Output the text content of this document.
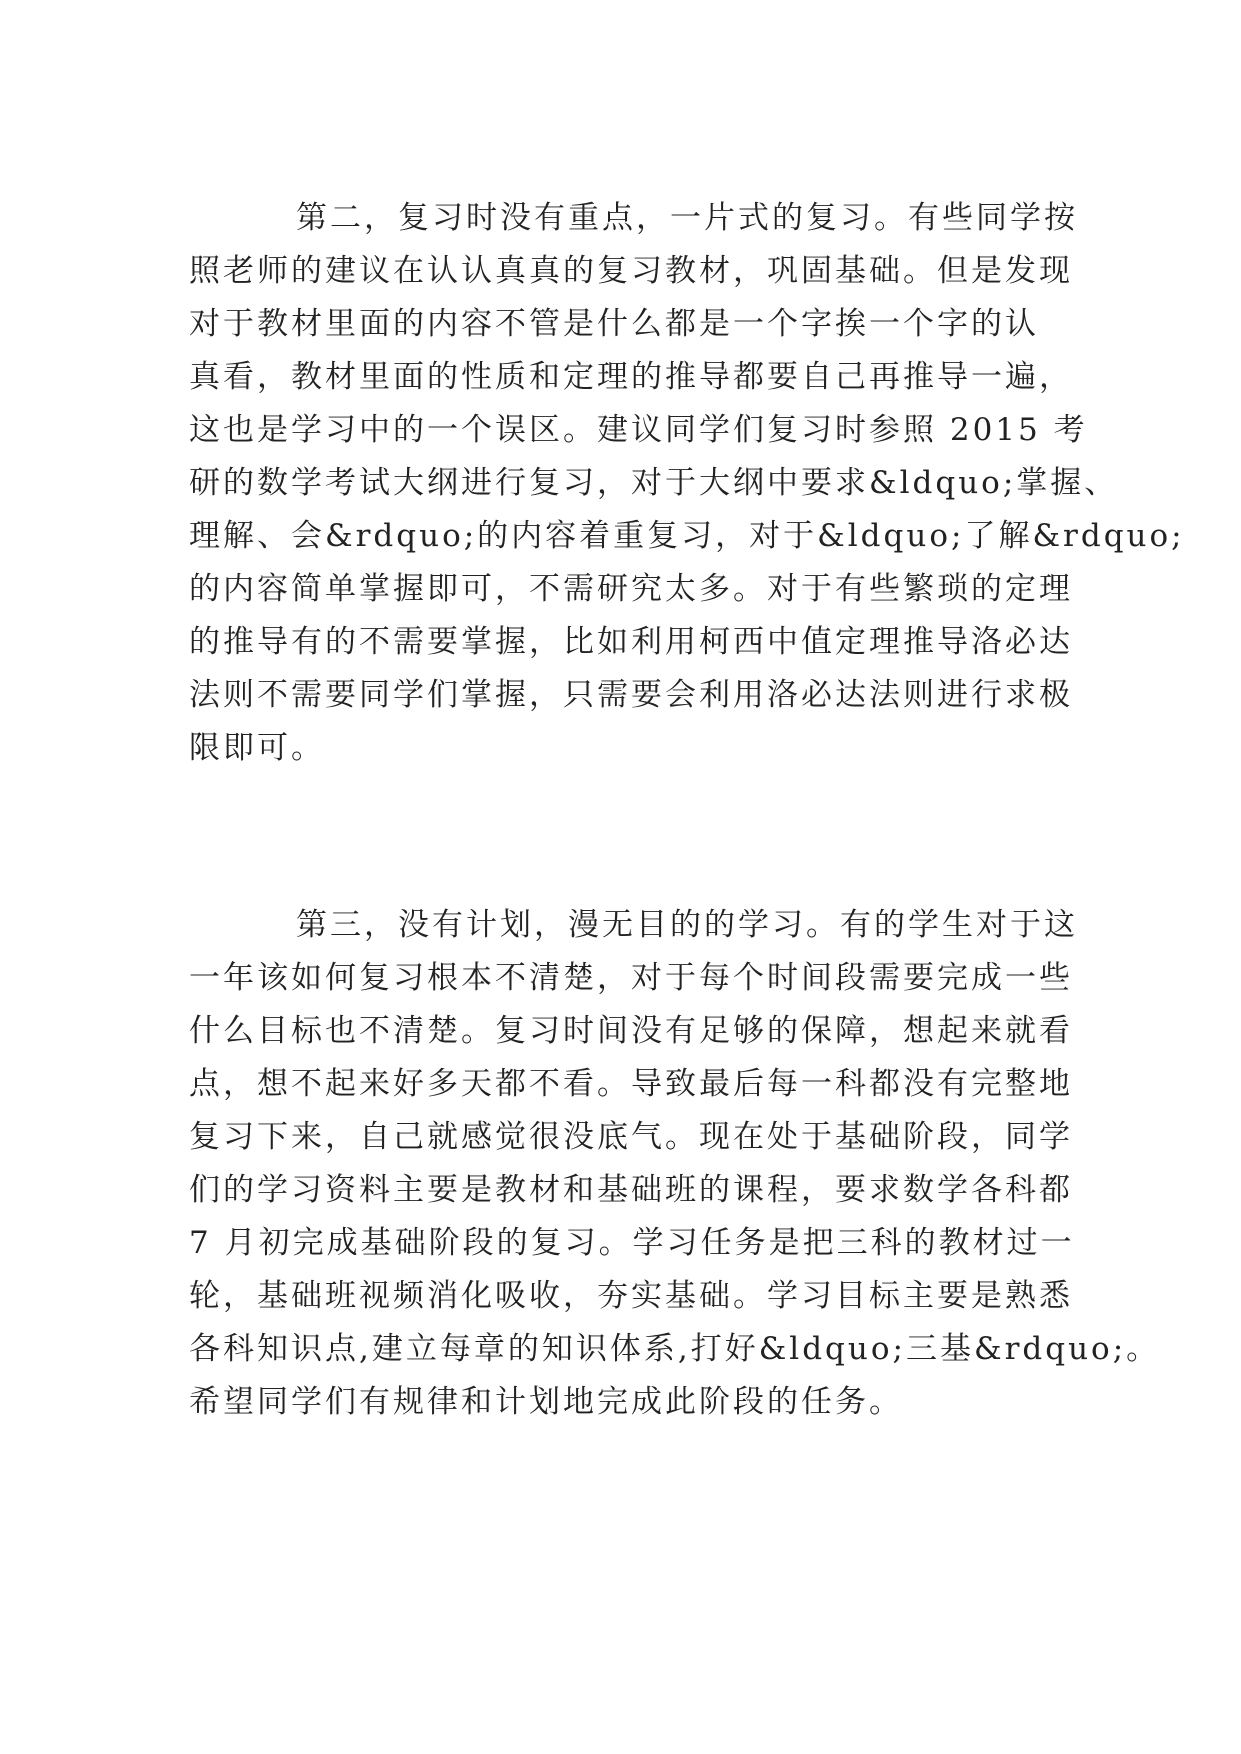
第二，复习时没有重点，一片式的复习。有些同学按
照老师的建议在认认真真的复习教材，巩固基础。但是发现
对于教材里面的内容不管是什么都是一个字挨一个字的认
真看，教材里面的性质和定理的推导都要自己再推导一遍，
这也是学习中的一个误区。建议同学们复习时参照 2015 考
研的数学考试大纲进行复习，对于大纲中要求&ldquo;掌握、
理解、会&rdquo;的内容着重复习，对于&ldquo;了解&rdquo;
的内容简单掌握即可，不需研究太多。对于有些繁琐的定理
的推导有的不需要掌握，比如利用柯西中值定理推导洛必达
法则不需要同学们掌握，只需要会利用洛必达法则进行求极
限即可。
第三，没有计划，漫无目的的学习。有的学生对于这
一年该如何复习根本不清楚，对于每个时间段需要完成一些
什么目标也不清楚。复习时间没有足够的保障，想起来就看
点，想不起来好多天都不看。导致最后每一科都没有完整地
复习下来，自己就感觉很没底气。现在处于基础阶段，同学
们的学习资料主要是教材和基础班的课程，要求数学各科都
7 月初完成基础阶段的复习。学习任务是把三科的教材过一
轮，基础班视频消化吸收，夯实基础。学习目标主要是熟悉
各科知识点,建立每章的知识体系,打好&ldquo;三基&rdquo;。
希望同学们有规律和计划地完成此阶段的任务。
